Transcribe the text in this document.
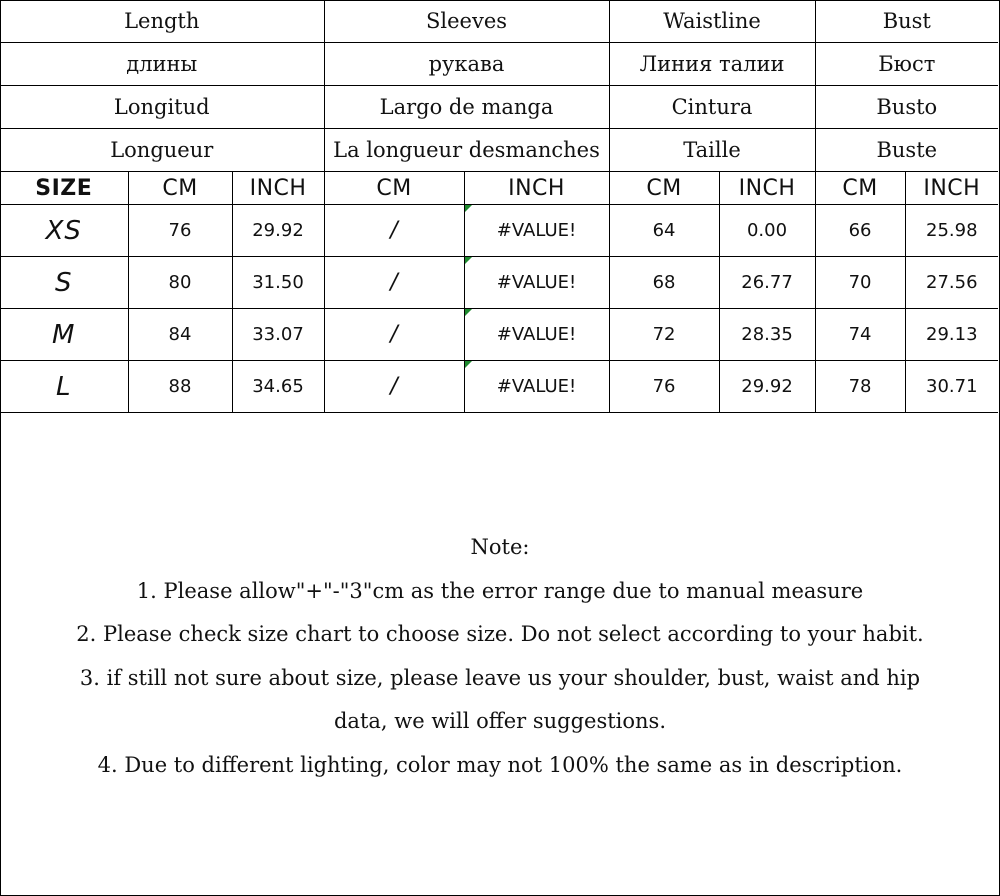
Length			Sleeves		Waistline		Bust	
длины			рукава		Линия талии		Бюст	
Longitud			Largo de manga		Cintura		Busto	
Longueur			La longueur desmanches		Taille		Buste	
SIZE	CM	INCH	CM	INCH	CM	INCH	CM	INCH
XS	76	29.92	/	#VALUE!	64	0.00	66	25.98
S	80	31.50	/	#VALUE!	68	26.77	70	27.56
M	84	33.07	/	#VALUE!	72	28.35	74	29.13
L	88	34.65	/	#VALUE!	76	29.92	78	30.71

Note:

1. Please allow"+"-"3"cm as the error range due to manual measure

2. Please check size chart to choose size. Do not select according to your habit.

3. if still not sure about size, please leave us your shoulder, bust, waist and hip

data, we will offer suggestions.

4. Due to different lighting, color may not 100% the same as in description.
